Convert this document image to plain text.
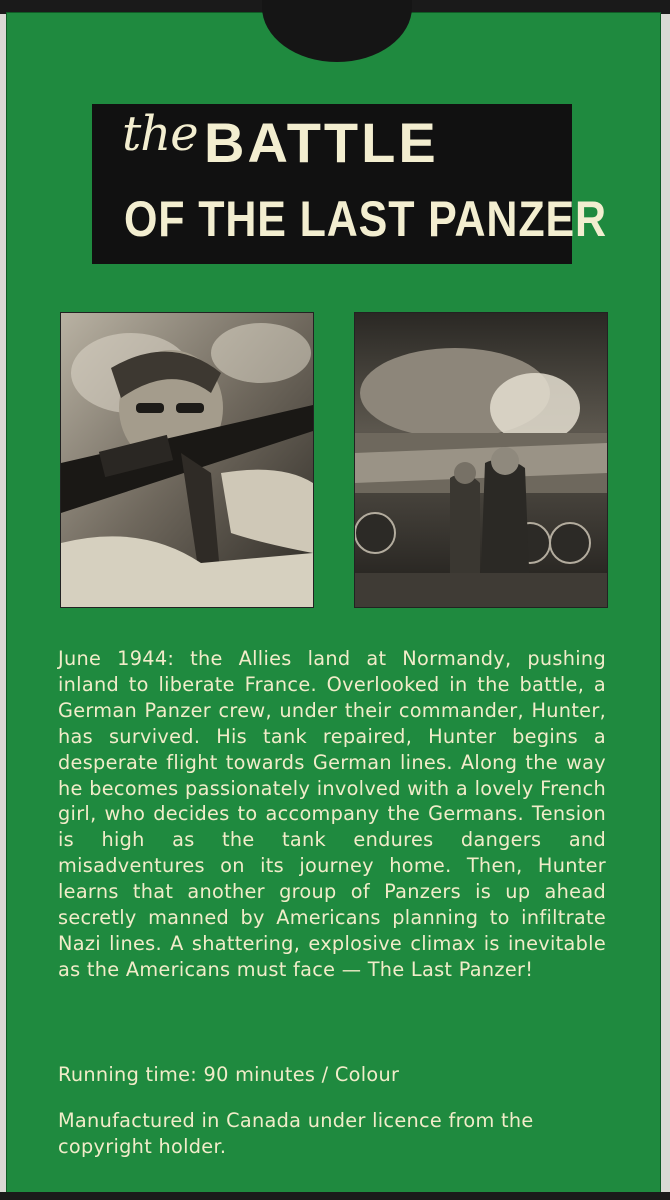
the BATTLE
OF THE LAST PANZER
June 1944: the Allies land at Normandy, pushing inland to liberate France. Overlooked in the battle, a German Panzer crew, under their commander, Hunter, has survived. His tank repaired, Hunter begins a desperate flight towards German lines. Along the way he becomes passionately involved with a lovely French girl, who decides to accompany the Germans. Tension is high as the tank endures dangers and misadventures on its journey home. Then, Hunter learns that another group of Panzers is up ahead secretly manned by Americans planning to infiltrate Nazi lines. A shattering, explosive climax is inevitable as the Americans must face — The Last Panzer!
Running time: 90 minutes / Colour
Manufactured in Canada under licence from the copyright holder.
